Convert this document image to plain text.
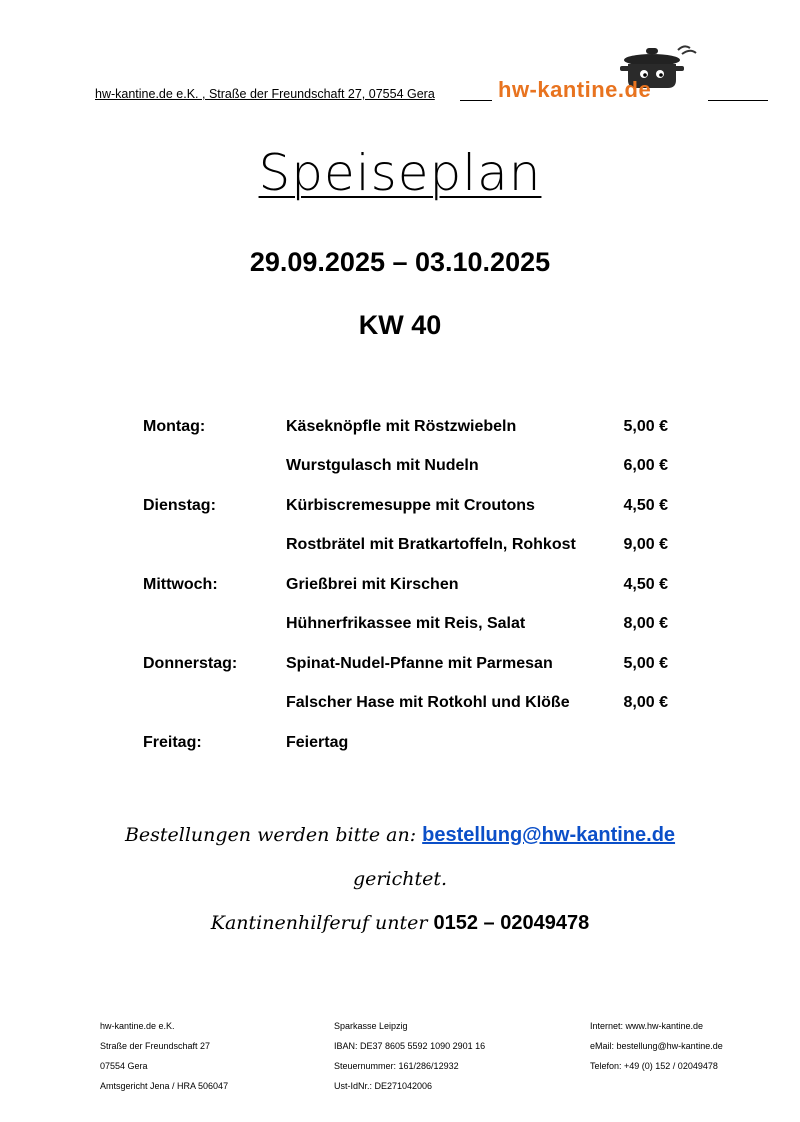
hw-kantine.de e.K. , Straße der Freundschaft 27, 07554 Gera	hw-kantine.de
Speiseplan
29.09.2025 – 03.10.2025
KW 40
Montag:	Käseknöpfle mit Röstzwiebeln	5,00 €
Wurstgulasch mit Nudeln	6,00 €
Dienstag:	Kürbiscremesuppe mit Croutons	4,50 €
Rostbrätel mit Bratkartoffeln, Rohkost	9,00 €
Mittwoch:	Grießbrei mit Kirschen	4,50 €
Hühnerfrikassee mit Reis, Salat	8,00 €
Donnerstag:	Spinat-Nudel-Pfanne mit Parmesan	5,00 €
Falscher Hase mit Rotkohl und Klöße	8,00 €
Freitag:	Feiertag
Bestellungen werden bitte an: bestellung@hw-kantine.de
gerichtet.
Kantinenhilferuf unter 0152 – 02049478
hw-kantine.de e.K.
Straße der Freundschaft 27
07554 Gera
Amtsgericht Jena / HRA 506047
Sparkasse Leipzig
IBAN: DE37 8605 5592 1090 2901 16
Steuernummer: 161/286/12932
Ust-IdNr.: DE271042006
Internet: www.hw-kantine.de
eMail: bestellung@hw-kantine.de
Telefon: +49 (0) 152 / 02049478
